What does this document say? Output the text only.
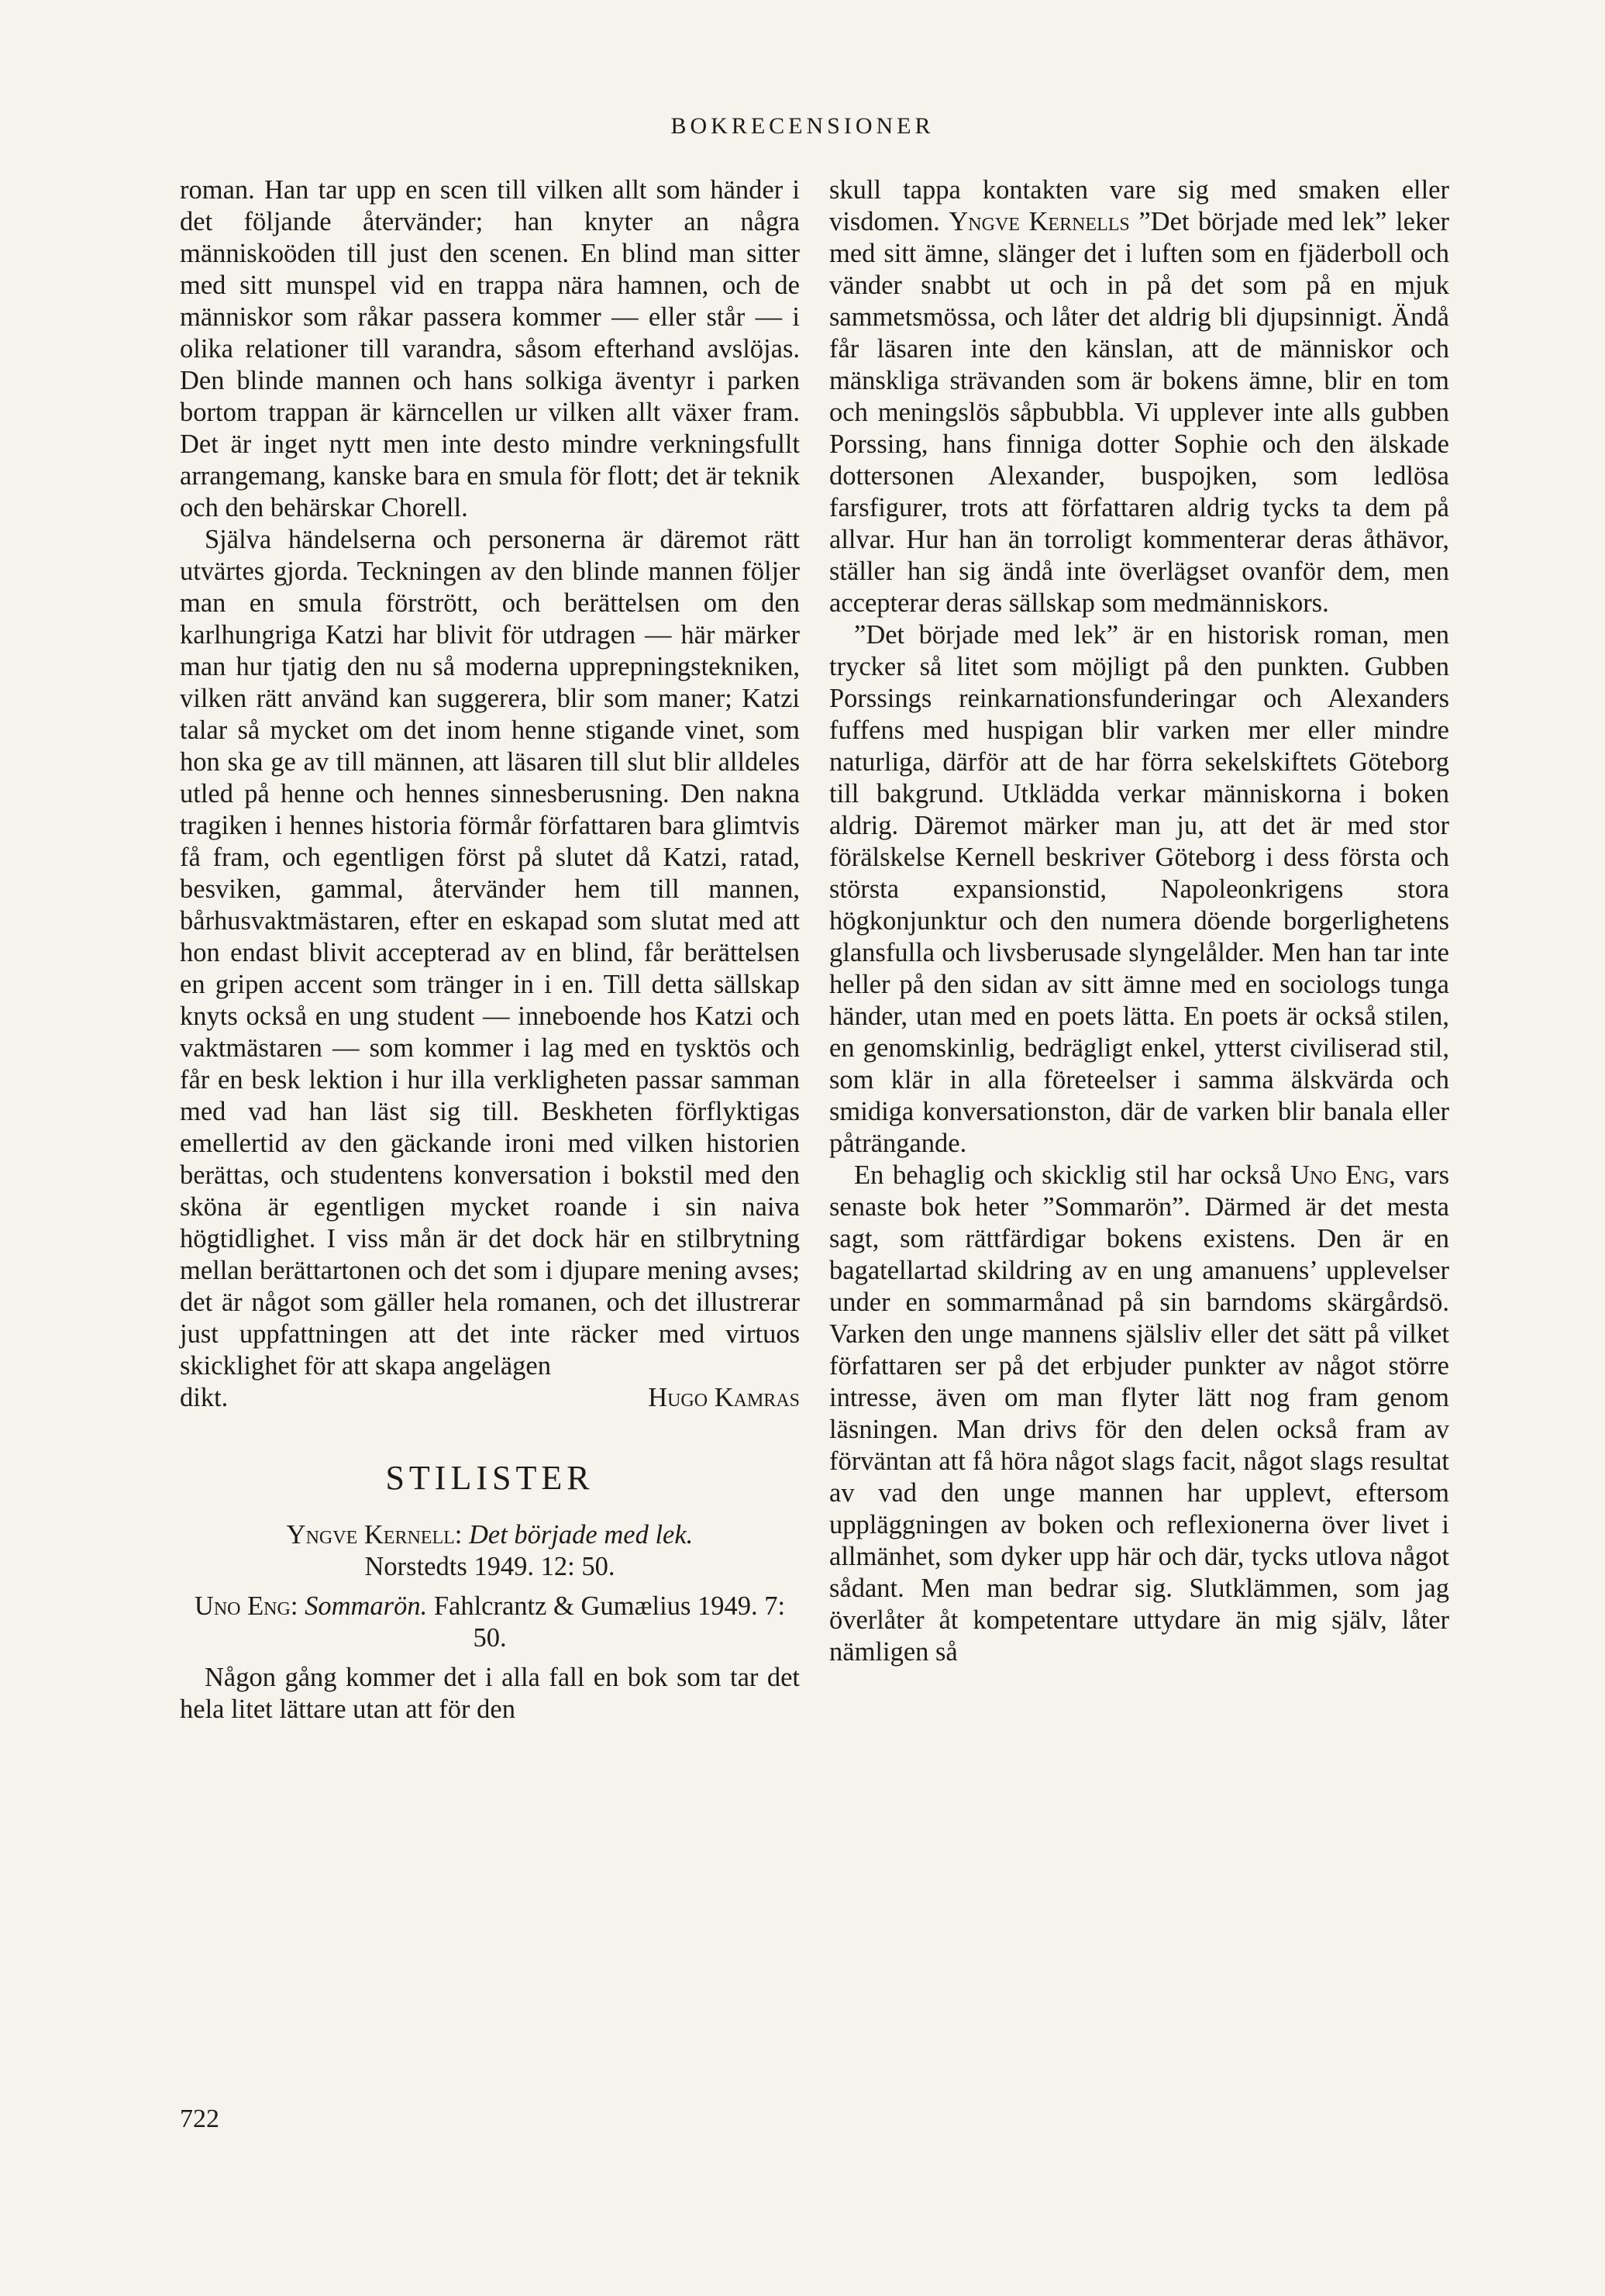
BOKRECENSIONER

roman. Han tar upp en scen till vilken allt som händer i det följande återvänder; han knyter an några människoöden till just den scenen. En blind man sitter med sitt munspel vid en trappa nära hamnen, och de människor som råkar passera kommer — eller står — i olika relationer till varandra, såsom efterhand avslöjas. Den blinde mannen och hans solkiga äventyr i parken bortom trappan är kärncellen ur vilken allt växer fram. Det är inget nytt men inte desto mindre verkningsfullt arrangemang, kanske bara en smula för flott; det är teknik och den behärskar Chorell.

Själva händelserna och personerna är däremot rätt utvärtes gjorda. Teckningen av den blinde mannen följer man en smula förstrött, och berättelsen om den karlhungriga Katzi har blivit för utdragen — här märker man hur tjatig den nu så moderna upprepningstekniken, vilken rätt använd kan suggerera, blir som maner; Katzi talar så mycket om det inom henne stigande vinet, som hon ska ge av till männen, att läsaren till slut blir alldeles utled på henne och hennes sinnesberusning. Den nakna tragiken i hennes historia förmår författaren bara glimtvis få fram, och egentligen först på slutet då Katzi, ratad, besviken, gammal, återvänder hem till mannen, bårhusvaktmästaren, efter en eskapad som slutat med att hon endast blivit accepterad av en blind, får berättelsen en gripen accent som tränger in i en. Till detta sällskap knyts också en ung student — inneboende hos Katzi och vaktmästaren — som kommer i lag med en tysktös och får en besk lektion i hur illa verkligheten passar samman med vad han läst sig till. Beskheten förflyktigas emellertid av den gäckande ironi med vilken historien berättas, och studentens konversation i bokstil med den sköna är egentligen mycket roande i sin naiva högtidlighet. I viss mån är det dock här en stilbrytning mellan berättartonen och det som i djupare mening avses; det är något som gäller hela romanen, och det illustrerar just uppfattningen att det inte räcker med virtuos skicklighet för att skapa angelägen

dikt.	Hugo Kamras
STILISTER
Yngve Kernell: Det började med lek.
Norstedts 1949. 12: 50.
Uno Eng: Sommarön. Fahlcrantz & Gumælius 1949. 7: 50.

Någon gång kommer det i alla fall en bok som tar det hela litet lättare utan att för den

skull tappa kontakten vare sig med smaken eller visdomen. Yngve Kernells ”Det började med lek” leker med sitt ämne, slänger det i luften som en fjäderboll och vänder snabbt ut och in på det som på en mjuk sammetsmössa, och låter det aldrig bli djupsinnigt. Ändå får läsaren inte den känslan, att de människor och mänskliga strävanden som är bokens ämne, blir en tom och meningslös såpbubbla. Vi upplever inte alls gubben Porssing, hans finniga dotter Sophie och den älskade dottersonen Alexander, buspojken, som ledlösa farsfigurer, trots att författaren aldrig tycks ta dem på allvar. Hur han än torroligt kommenterar deras åthävor, ställer han sig ändå inte överlägset ovanför dem, men accepterar deras sällskap som medmänniskors.

”Det började med lek” är en historisk roman, men trycker så litet som möjligt på den punkten. Gubben Porssings reinkarnationsfunderingar och Alexanders fuffens med huspigan blir varken mer eller mindre naturliga, därför att de har förra sekelskiftets Göteborg till bakgrund. Utklädda verkar människorna i boken aldrig. Däremot märker man ju, att det är med stor förälskelse Kernell beskriver Göteborg i dess första och största expansionstid, Napoleonkrigens stora högkonjunktur och den numera döende borgerlighetens glansfulla och livsberusade slyngelålder. Men han tar inte heller på den sidan av sitt ämne med en sociologs tunga händer, utan med en poets lätta. En poets är också stilen, en genomskinlig, bedrägligt enkel, ytterst civiliserad stil, som klär in alla företeelser i samma älskvärda och smidiga konversationston, där de varken blir banala eller påträngande.

En behaglig och skicklig stil har också Uno Eng, vars senaste bok heter ”Sommarön”. Därmed är det mesta sagt, som rättfärdigar bokens existens. Den är en bagatellartad skildring av en ung amanuens’ upplevelser under en sommarmånad på sin barndoms skärgårdsö. Varken den unge mannens själsliv eller det sätt på vilket författaren ser på det erbjuder punkter av något större intresse, även om man flyter lätt nog fram genom läsningen. Man drivs för den delen också fram av förväntan att få höra något slags facit, något slags resultat av vad den unge mannen har upplevt, eftersom uppläggningen av boken och reflexionerna över livet i allmänhet, som dyker upp här och där, tycks utlova något sådant. Men man bedrar sig. Slutklämmen, som jag överlåter åt kompetentare uttydare än mig själv, låter nämligen så

722
